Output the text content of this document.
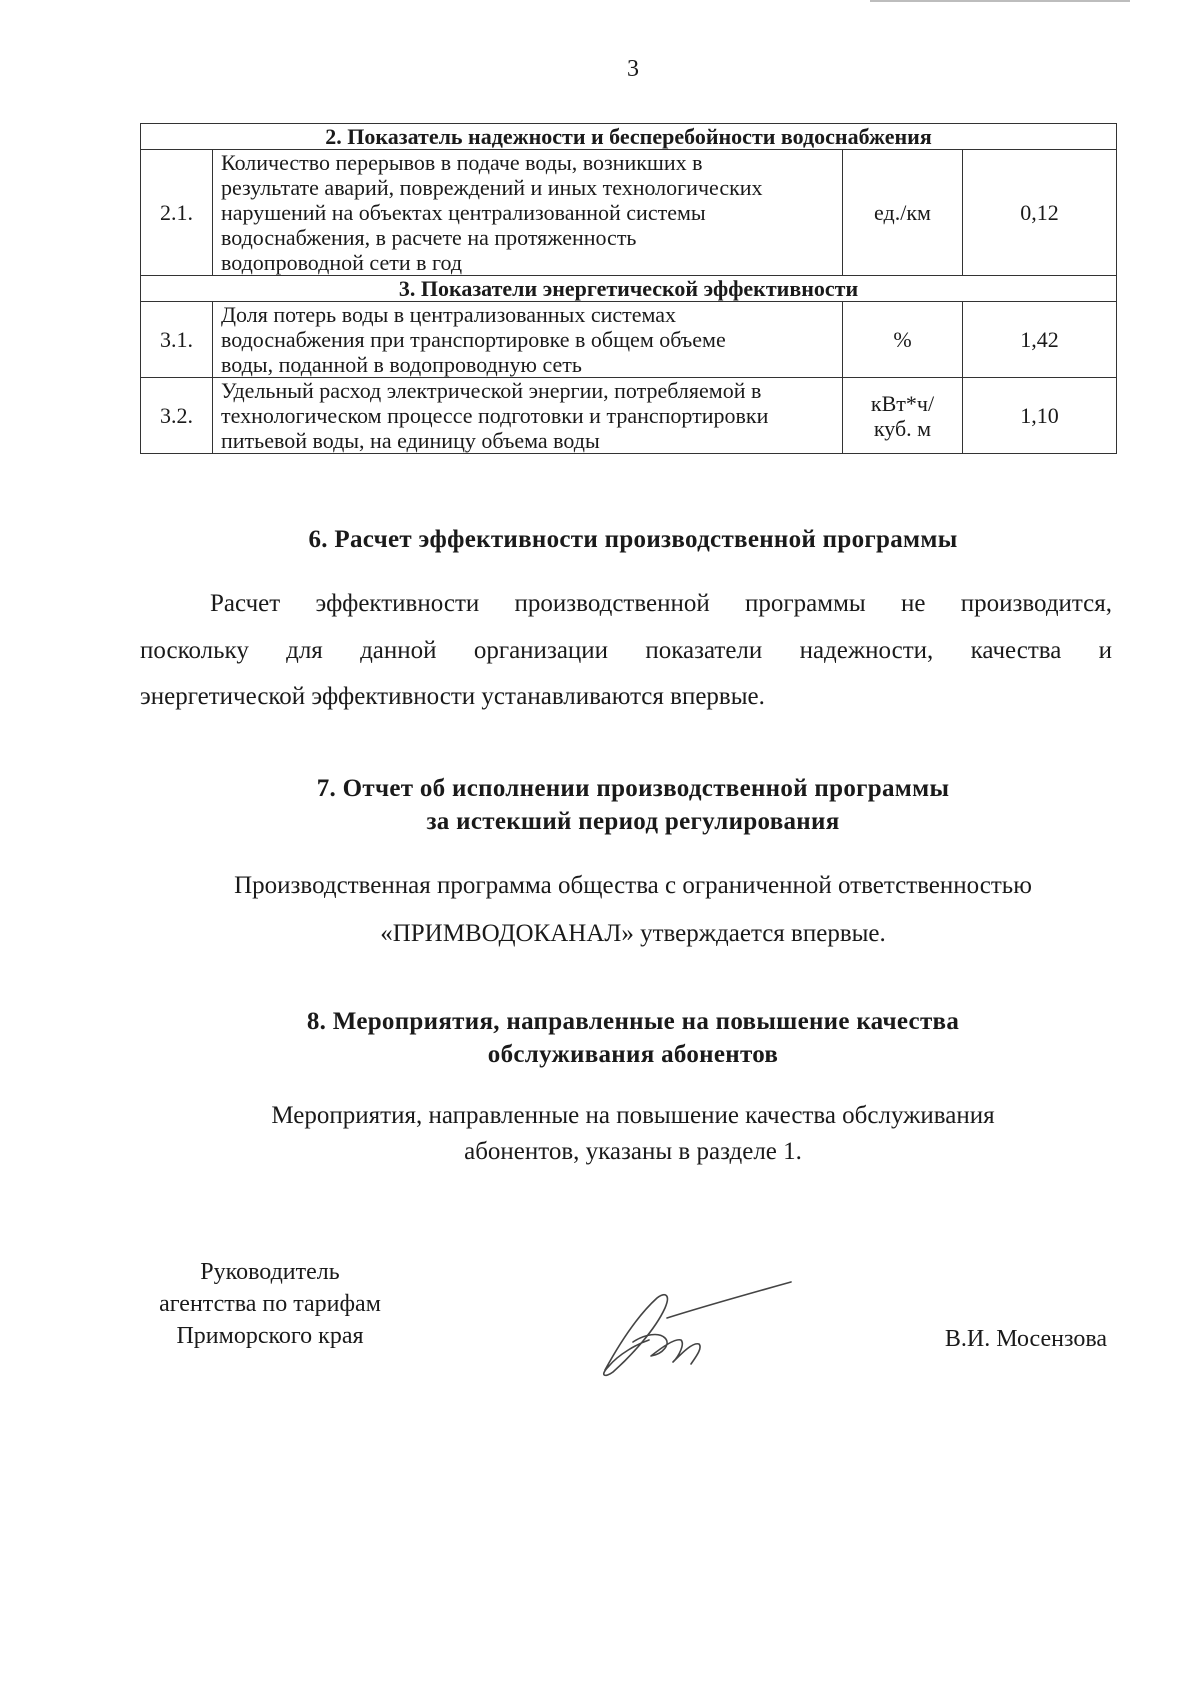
3
2. Показатель надежности и бесперебойности водоснабжения			
2.1.	Количество перерывов в подаче воды, возникших в
результате аварий, повреждений и иных технологических
нарушений на объектах централизованной системы
водоснабжения, в расчете на протяженность
водопроводной сети в год	ед./км	0,12
3. Показатели энергетической эффективности			
3.1.	Доля потерь воды в централизованных системах
водоснабжения при транспортировке в общем объеме
воды, поданной в водопроводную сеть	%	1,42
3.2.	Удельный расход электрической энергии, потребляемой в
технологическом процессе подготовки и транспортировки
питьевой воды, на единицу объема воды	кВт*ч/
куб. м	1,10
6. Расчет эффективности производственной программы
Расчет эффективности производственной программы не производится,
поскольку для данной организации показатели надежности, качества и
энергетической эффективности устанавливаются впервые.
7. Отчет об исполнении производственной программы
за истекший период регулирования
Производственная программа общества с ограниченной ответственностью
«ПРИМВОДОКАНАЛ» утверждается впервые.
8. Мероприятия, направленные на повышение качества
обслуживания абонентов
Мероприятия, направленные на повышение качества обслуживания
абонентов, указаны в разделе 1.
Руководитель
агентства по тарифам
Приморского края	В.И. Мосензова
